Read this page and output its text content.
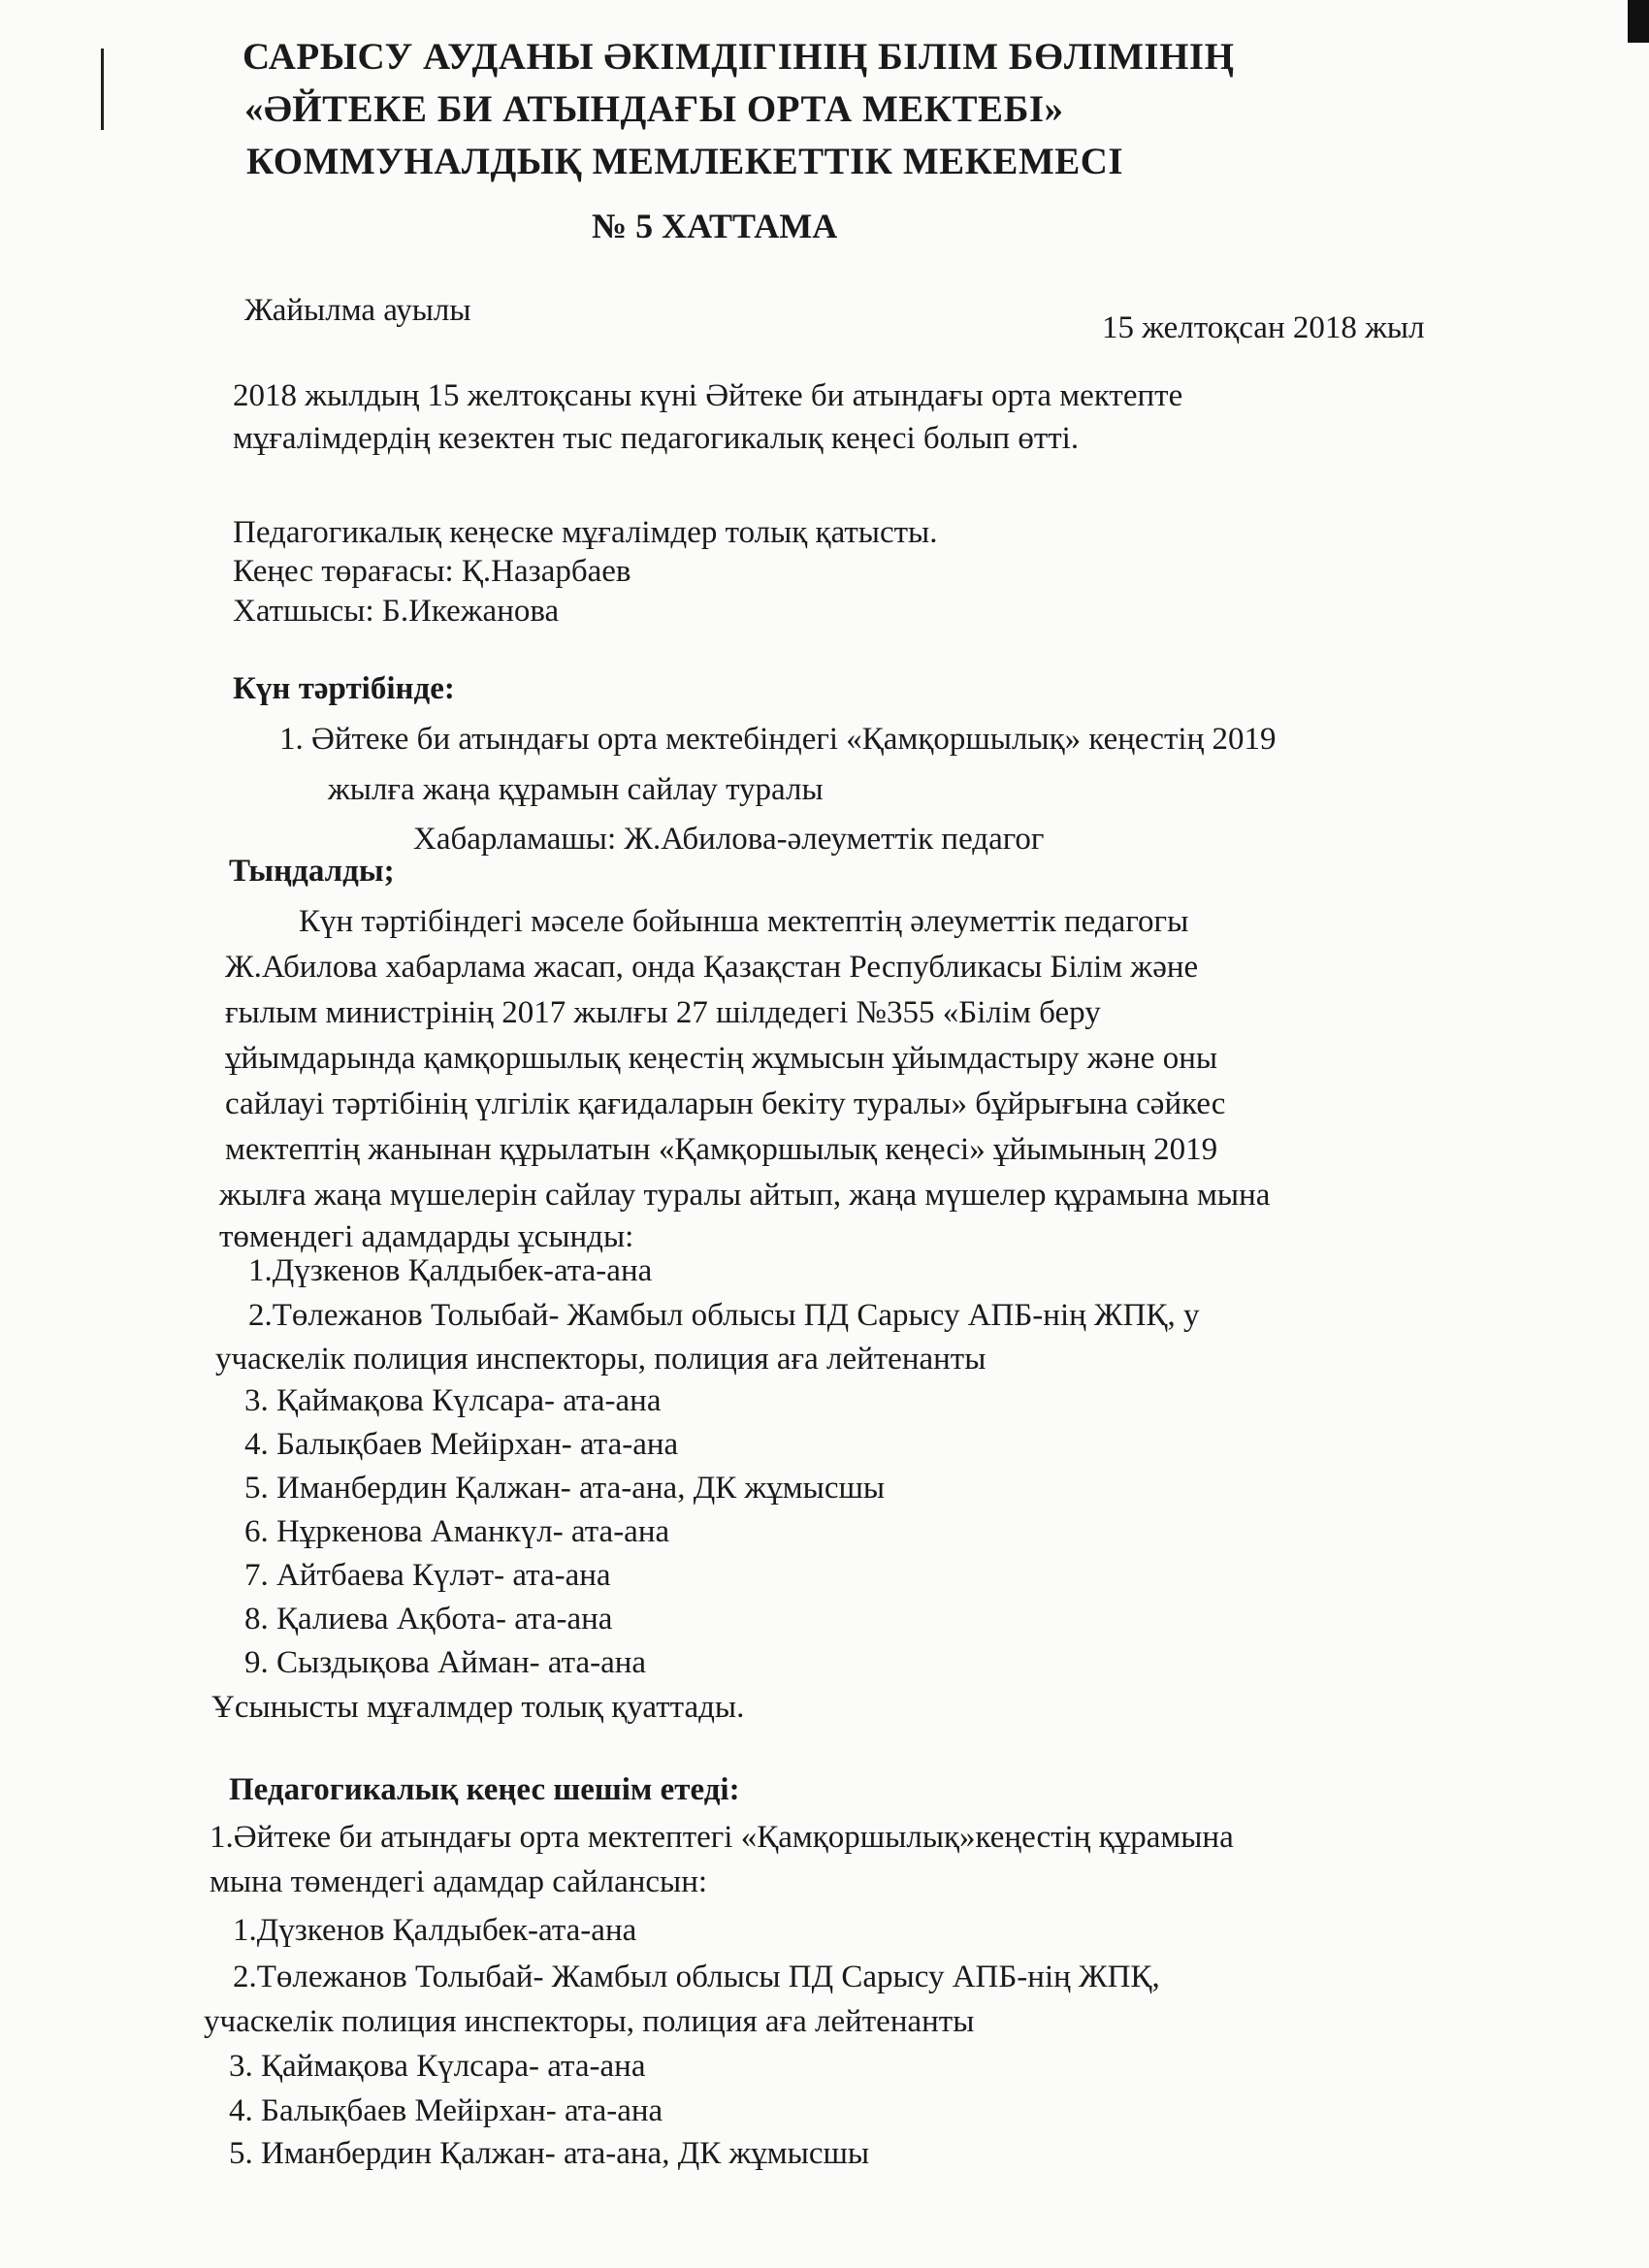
САРЫСУ АУДАНЫ ӘКІМДІГІНІҢ БІЛІМ БӨЛІМІНІҢ
«ӘЙТЕКЕ БИ АТЫНДАҒЫ ОРТА МЕКТЕБІ»
КОММУНАЛДЫҚ МЕМЛЕКЕТТІК МЕКЕМЕСІ
№ 5 ХАТТАМА
Жайылма ауылы	15 желтоқсан 2018 жыл
2018 жылдың 15 желтоқсаны күні Әйтеке би атындағы орта мектепте
мұғалімдердің кезектен тыс педагогикалық кеңесі болып өтті.
Педагогикалық кеңеске мұғалімдер толық қатысты.
Кеңес төрағасы: Қ.Назарбаев
Хатшысы: Б.Икежанова
Күн тәртібінде:
1. Әйтеке би атындағы орта мектебіндегі «Қамқоршылық» кеңестің 2019
жылға жаңа құрамын сайлау туралы
Хабарламашы: Ж.Абилова-әлеуметтік педагог
Тыңдалды;
Күн тәртібіндегі мәселе бойынша мектептің әлеуметтік педагогы
Ж.Абилова хабарлама жасап, онда Қазақстан Республикасы Білім және
ғылым министрінің 2017 жылғы 27 шілдедегі №355 «Білім беру
ұйымдарында қамқоршылық кеңестің жұмысын ұйымдастыру және оны
сайлауі тәртібінің үлгілік қағидаларын бекіту туралы» бұйрығына сәйкес
мектептің жанынан құрылатын «Қамқоршылық кеңесі» ұйымының 2019
жылға жаңа мүшелерін сайлау туралы айтып, жаңа мүшелер құрамына мына
төмендегі адамдарды ұсынды:
1.Дүзкенов Қалдыбек-ата-ана
2.Төлежанов Толыбай- Жамбыл облысы ПД Сарысу АПБ-нің ЖПҚ, у
учаскелік полиция инспекторы, полиция аға лейтенанты
3. Қаймақова Күлсара- ата-ана
4. Балықбаев Мейірхан- ата-ана
5. Иманбердин Қалжан- ата-ана, ДК жұмысшы
6. Нұркенова Аманкүл- ата-ана
7. Айтбаева Күләт- ата-ана
8. Қалиева Ақбота- ата-ана
9. Сыздықова Айман- ата-ана
Ұсынысты мұғалмдер толық қуаттады.
Педагогикалық кеңес шешім етеді:
1.Әйтеке би атындағы орта мектептегі «Қамқоршылық»кеңестің құрамына
мына төмендегі адамдар сайлансын:
1.Дүзкенов Қалдыбек-ата-ана
2.Төлежанов Толыбай- Жамбыл облысы ПД Сарысу АПБ-нің ЖПҚ,
учаскелік полиция инспекторы, полиция аға лейтенанты
3. Қаймақова Күлсара- ата-ана
4. Балықбаев Мейірхан- ата-ана
5. Иманбердин Қалжан- ата-ана, ДК жұмысшы
